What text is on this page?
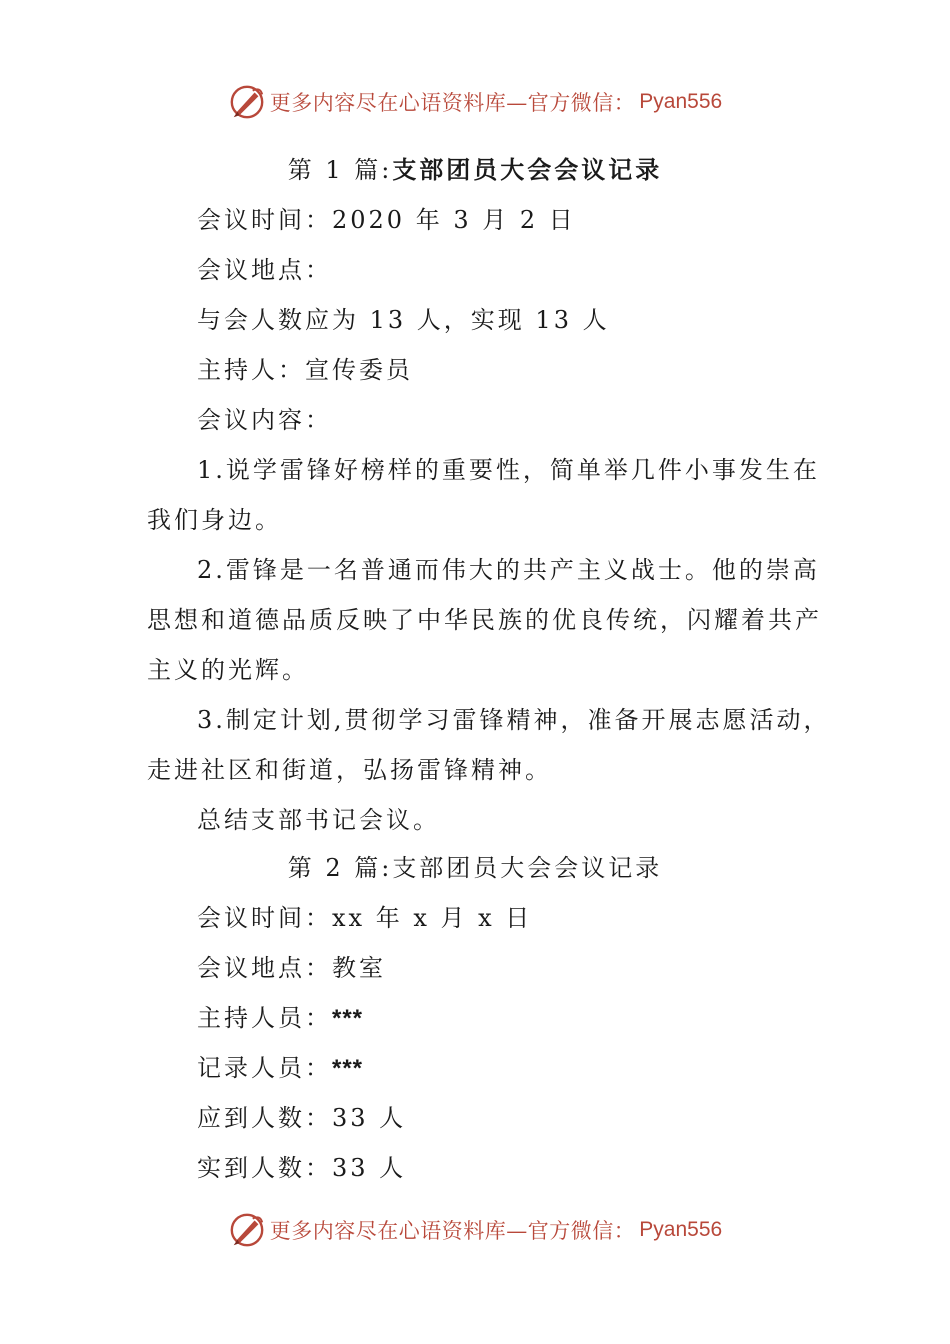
更多内容尽在心语资料库—官方微信： Pyan556

第 1 篇:支部团员大会会议记录

会议时间：2020 年 3 月 2 日

会议地点：

与会人数应为 13 人，实现 13 人

主持人：宣传委员

会议内容：

1.说学雷锋好榜样的重要性，简单举几件小事发生在

我们身边。

2.雷锋是一名普通而伟大的共产主义战士。他的崇高

思想和道德品质反映了中华民族的优良传统，闪耀着共产

主义的光辉。

3.制定计划,贯彻学习雷锋精神，准备开展志愿活动，

走进社区和街道，弘扬雷锋精神。

总结支部书记会议。

第 2 篇:支部团员大会会议记录

会议时间：xx 年 x 月 x 日

会议地点：教室

主持人员：***

记录人员：***

应到人数：33 人

实到人数：33 人

更多内容尽在心语资料库—官方微信： Pyan556
